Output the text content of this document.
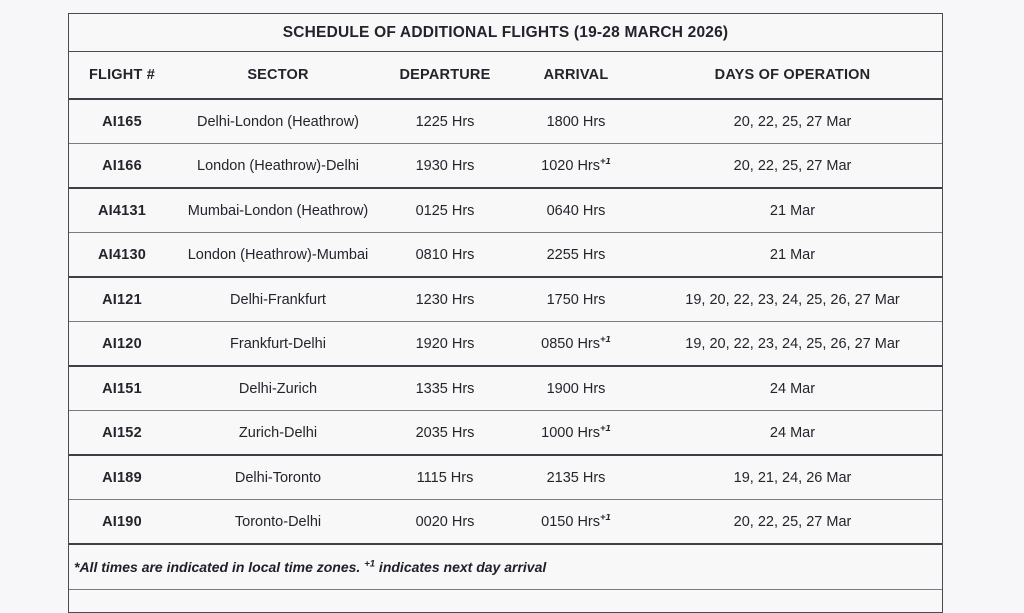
SCHEDULE OF ADDITIONAL FLIGHTS (19-28 MARCH 2026)
FLIGHT #	SECTOR	DEPARTURE	ARRIVAL	DAYS OF OPERATION
AI165	Delhi-London (Heathrow)	1225 Hrs	1800 Hrs	20, 22, 25, 27 Mar
AI166	London (Heathrow)-Delhi	1930 Hrs	1020 Hrs$^{+1}$	20, 22, 25, 27 Mar
AI4131	Mumbai-London (Heathrow)	0125 Hrs	0640 Hrs	21 Mar
AI4130	London (Heathrow)-Mumbai	0810 Hrs	2255 Hrs	21 Mar
AI121	Delhi-Frankfurt	1230 Hrs	1750 Hrs	19, 20, 22, 23, 24, 25, 26, 27 Mar
AI120	Frankfurt-Delhi	1920 Hrs	0850 Hrs$^{+1}$	19, 20, 22, 23, 24, 25, 26, 27 Mar
AI151	Delhi-Zurich	1335 Hrs	1900 Hrs	24 Mar
AI152	Zurich-Delhi	2035 Hrs	1000 Hrs$^{+1}$	24 Mar
AI189	Delhi-Toronto	1115 Hrs	2135 Hrs	19, 21, 24, 26 Mar
AI190	Toronto-Delhi	0020 Hrs	0150 Hrs$^{+1}$	20, 22, 25, 27 Mar
*All times are indicated in local time zones. $^{+1}$ indicates next day arrival
